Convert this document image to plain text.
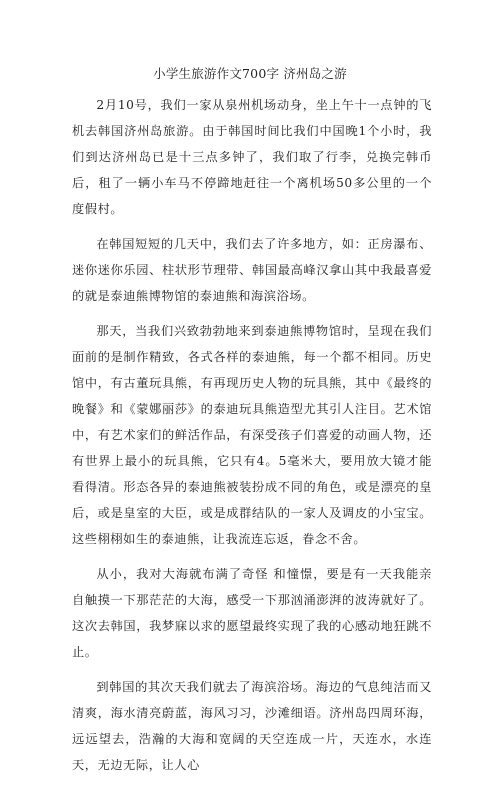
小学生旅游作文700字 济州岛之游

2月10号，我们一家从泉州机场动身，坐上午十一点钟的飞机去韩国济州岛旅游。由于韩国时间比我们中国晚1个小时，我们到达济州岛已是十三点多钟了，我们取了行李，兑换完韩币后，租了一辆小车马不停蹄地赶往一个离机场50多公里的一个度假村。

在韩国短短的几天中，我们去了许多地方，如：正房瀑布、迷你迷你乐园、柱状形节理带、韩国最高峰汉拿山其中我最喜爱的就是泰迪熊博物馆的泰迪熊和海滨浴场。

那天，当我们兴致勃勃地来到泰迪熊博物馆时，呈现在我们面前的是制作精致，各式各样的泰迪熊，每一个都不相同。历史馆中，有古董玩具熊，有再现历史人物的玩具熊，其中《最终的晚餐》和《蒙娜丽莎》的泰迪玩具熊造型尤其引人注目。艺术馆中，有艺术家们的鲜活作品，有深受孩子们喜爱的动画人物，还有世界上最小的玩具熊，它只有4。5毫米大，要用放大镜才能看得清。形态各异的泰迪熊被装扮成不同的角色，或是漂亮的皇后，或是皇室的大臣，或是成群结队的一家人及调皮的小宝宝。这些栩栩如生的泰迪熊，让我流连忘返，眷念不舍。

从小，我对大海就布满了奇怪 和憧憬，要是有一天我能亲自触摸一下那茫茫的大海，感受一下那汹涌澎湃的波涛就好了。这次去韩国，我梦寐以求的愿望最终实现了我的心感动地狂跳不止。

到韩国的其次天我们就去了海滨浴场。海边的气息纯洁而又清爽，海水清亮蔚蓝，海风习习，沙滩细语。济州岛四周环海，远远望去，浩瀚的大海和宽阔的天空连成一片，天连水，水连天，无边无际，让人心
